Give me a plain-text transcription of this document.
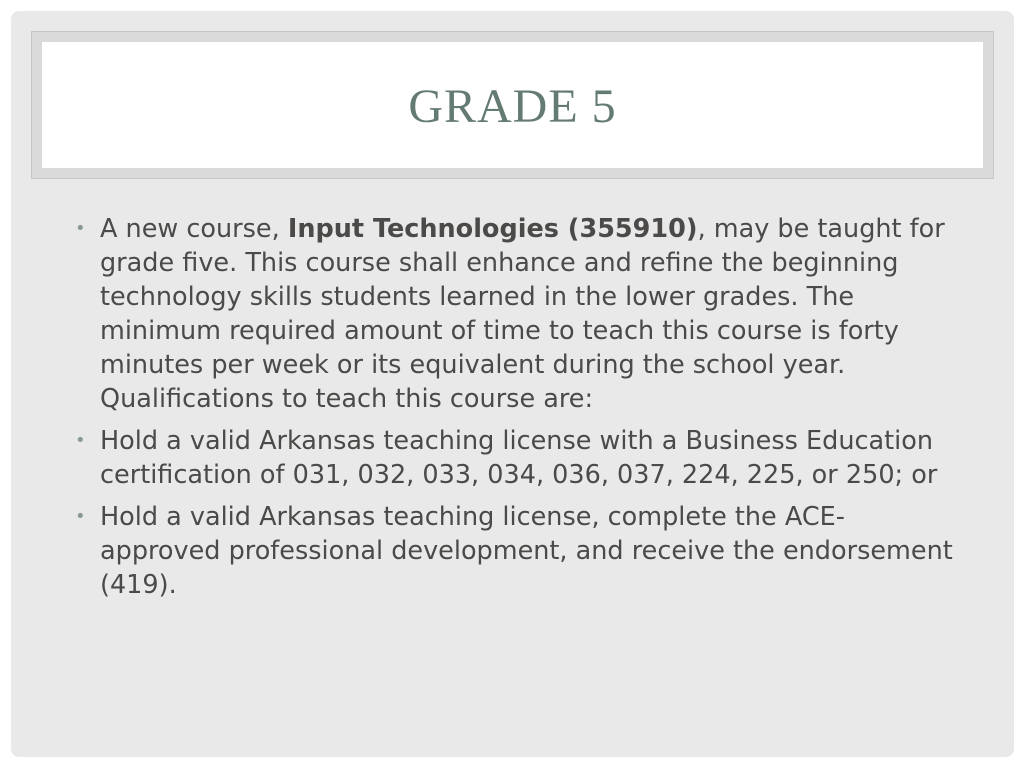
GRADE 5
• A new course, Input Technologies (355910), may be taught for grade five. This course shall enhance and refine the beginning technology skills students learned in the lower grades. The minimum required amount of time to teach this course is forty minutes per week or its equivalent during the school year. Qualifications to teach this course are:
• Hold a valid Arkansas teaching license with a Business Education certification of 031, 032, 033, 034, 036, 037, 224, 225, or 250; or
• Hold a valid Arkansas teaching license, complete the ACE-approved professional development, and receive the endorsement (419).
